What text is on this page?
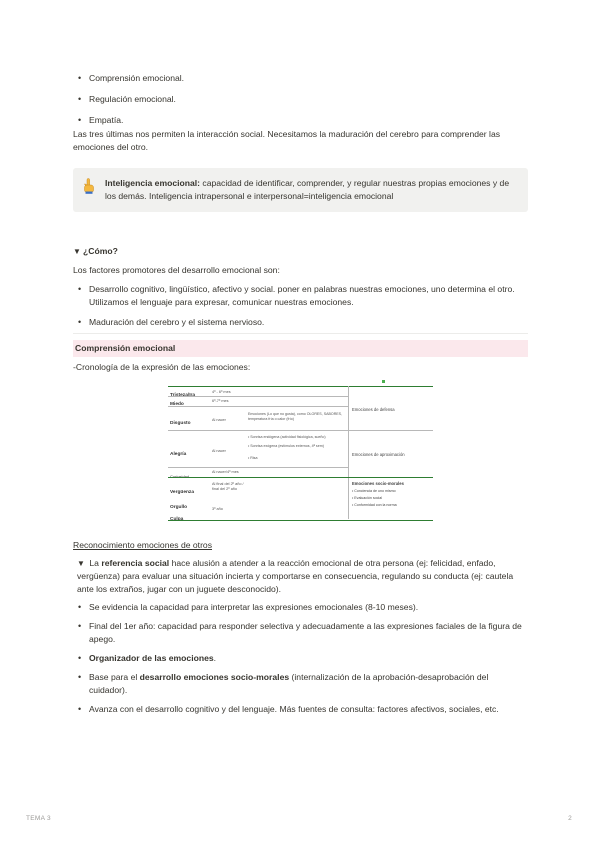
• Comprensión emocional.
• Regulación emocional.
• Empatía.

Las tres últimas nos permiten la interacción social. Necesitamos la maduración del cerebro para comprender las emociones del otro.

Inteligencia emocional: capacidad de identificar, comprender, y regular nuestras propias emociones y de los demás. Inteligencia intrapersonal e interpersonal=inteligencia emocional

▼ ¿Cómo?

Los factores promotores del desarrollo emocional son:

• Desarrollo cognitivo, lingüístico, afectivo y social. poner en palabras nuestras emociones, uno determina el otro. Utilizamos el lenguaje para expresar, comunicar nuestras emociones.
• Maduración del cerebro y el sistema nervioso.
Comprensión emocional

-Cronología de la expresión de las emociones:

Tristeza/Ira
4º - 6º mes
Miedo
6º-7º mes
Disgusto
Al nacer
Emociones (Lo que no gusta), como OLORES, SABORES, temperatura fría o calor (frío)
Emociones de defensa
Alegría
Al nacer
• Sonrisa endógena (actividad fisiológica, sueño)
• Sonrisa exógena (estímulos externos, 4ª sem)
• Risa
Emociones de aproximación
Curiosidad
Al nacer/4º mes
Vergüenza
Al final del 2º año / final del 2º año
Orgullo
Culpa
3º año
Emociones socio-morales
• Conciencia de uno mismo
• Evaluación social
• Conformidad con la norma
Reconocimiento emociones de otros

▼ La referencia social hace alusión a atender a la reacción emocional de otra persona (ej: felicidad, enfado, vergüenza) para evaluar una situación incierta y comportarse en consecuencia, regulando su conducta (ej: cautela ante los extraños, jugar con un juguete desconocido).

• Se evidencia la capacidad para interpretar las expresiones emocionales (8-10 meses).
• Final del 1er año: capacidad para responder selectiva y adecuadamente a las expresiones faciales de la figura de apego.
• Organizador de las emociones.
• Base para el desarrollo emociones socio-morales (internalización de la aprobación-desaprobación del cuidador).
• Avanza con el desarrollo cognitivo y del lenguaje. Más fuentes de consulta: factores afectivos, sociales, etc.
TEMA 3	2
